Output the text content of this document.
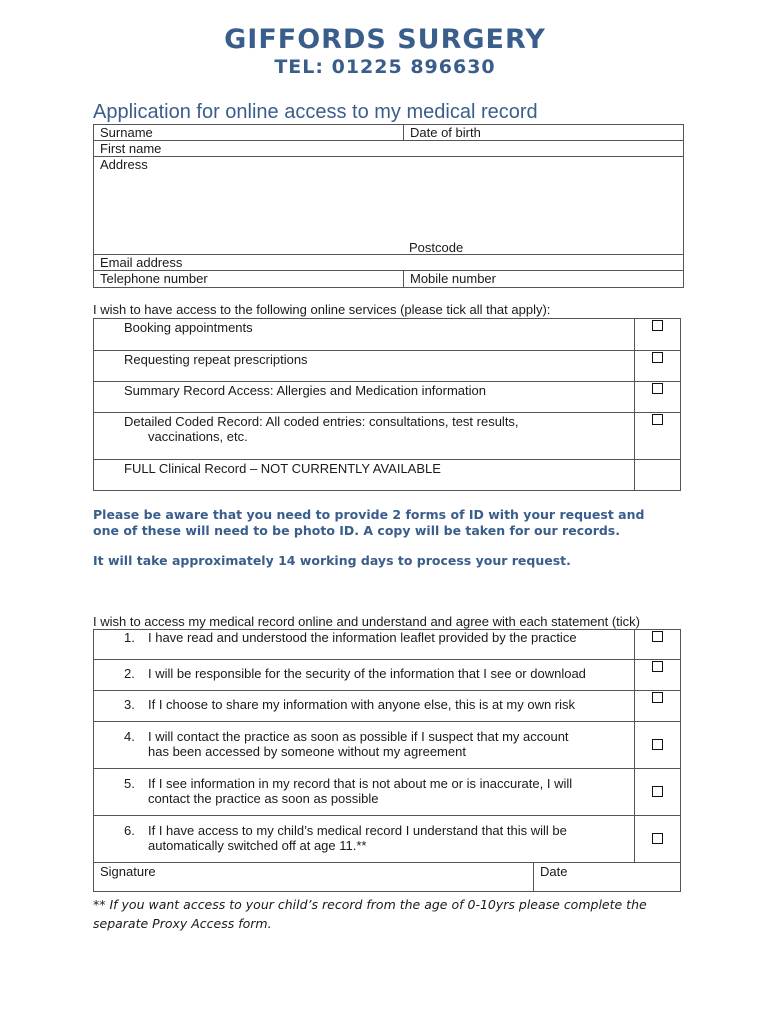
GIFFORDS SURGERY
TEL: 01225 896630
Application for online access to my medical record
Surname	Date of birth
First name	
Address
Postcode	

Email address	
Telephone number	Mobile number
I wish to have access to the following online services (please tick all that apply):
Booking appointments	
Requesting repeat prescriptions	
Summary Record Access: Allergies and Medication information	

Detailed Coded Record: All coded entries: consultations, test results,
vaccinations, etc.	

FULL Clinical Record – NOT CURRENTLY AVAILABLE	
Please be aware that you need to provide 2 forms of ID with your request and one of these will need to be photo ID. A copy will be taken for our records.
It will take approximately 14 working days to process your request.
I wish to access my medical record online and understand and agree with each statement (tick)
1. I have read and understood the information leaflet provided by the practice	
2. I will be responsible for the security of the information that I see or download	
3. If I choose to share my information with anyone else, this is at my own risk	

4. I will contact the practice as soon as possible if I suspect that my account
has been accessed by someone without my agreement	

5. If I see information in my record that is not about me or is inaccurate, I will
contact the practice as soon as possible	

6. If I have access to my child’s medical record I understand that this will be
automatically switched off at age 11.**	

Signature	Date
** If you want access to your child’s record from the age of 0-10yrs please complete the
separate Proxy Access form.
